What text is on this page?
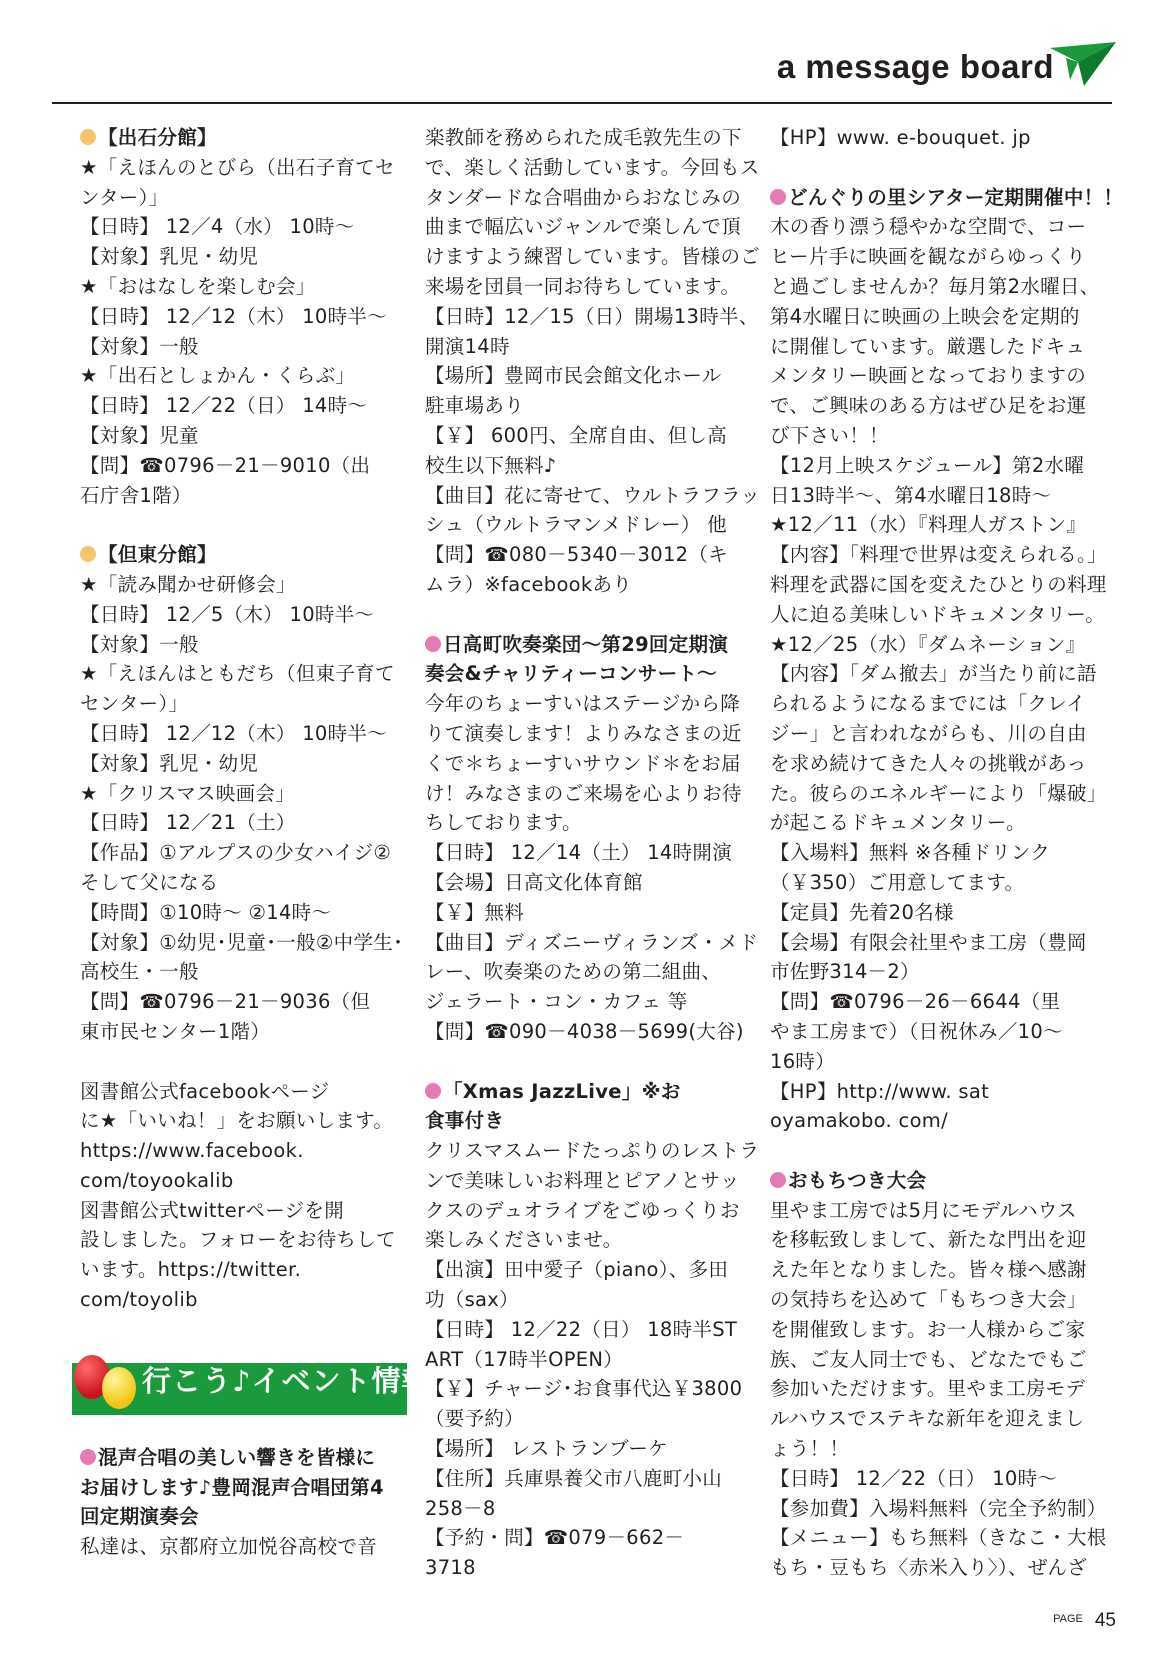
a message board

【出石分館】

★「えほんのとびら（出石子育てセ

ンター）」

【日時】 12／4（水） 10時～

【対象】乳児・幼児

★「おはなしを楽しむ会」

【日時】 12／12（木） 10時半～

【対象】一般

★「出石としょかん・くらぶ」

【日時】 12／22（日） 14時～

【対象】児童

【問】☎0796－21－9010（出

石庁舎1階）

【但東分館】

★「読み聞かせ研修会」

【日時】 12／5（木） 10時半～

【対象】一般

★「えほんはともだち（但東子育て

センター）」

【日時】 12／12（木） 10時半～

【対象】乳児・幼児

★「クリスマス映画会」

【日時】 12／21（土）

【作品】①アルプスの少女ハイジ②

そして父になる

【時間】①10時～ ②14時～

【対象】①幼児･児童･一般②中学生･

高校生・一般

【問】☎0796－21－9036（但

東市民センター1階）

図書館公式facebookページ

に★「いいね！」をお願いします。

https://www.facebook.

com/toyookalib

図書館公式twitterページを開

設しました。フォローをお待ちして

います。https://twitter.

com/toyolib

行こう♪イベント情報

混声合唱の美しい響きを皆様に

お届けします♪豊岡混声合唱団第4

回定期演奏会

私達は、京都府立加悦谷高校で音

楽教師を務められた成毛敦先生の下

で、楽しく活動しています。今回もス

タンダードな合唱曲からおなじみの

曲まで幅広いジャンルで楽しんで頂

けますよう練習しています。皆様のご

来場を団員一同お待ちしています。

【日時】12／15（日）開場13時半、

開演14時

【場所】豊岡市民会館文化ホール

駐車場あり

【￥】 600円、全席自由、但し高

校生以下無料♪

【曲目】花に寄せて、ウルトラフラッ

シュ（ウルトラマンメドレー） 他

【問】☎080－5340－3012（キ

ムラ）※facebookあり

日高町吹奏楽団～第29回定期演

奏会&チャリティーコンサート～

今年のちょーすいはステージから降

りて演奏します！よりみなさまの近

くで＊ちょーすいサウンド＊をお届

け！みなさまのご来場を心よりお待

ちしております。

【日時】 12／14（土） 14時開演

【会場】日高文化体育館

【￥】無料

【曲目】ディズニーヴィランズ・メド

レー、吹奏楽のための第二組曲、

ジェラート・コン・カフェ 等

【問】☎090－4038－5699(大谷)

「Xmas JazzLive」※お

食事付き

クリスマスムードたっぷりのレストラ

ンで美味しいお料理とピアノとサッ

クスのデュオライブをごゆっくりお

楽しみくださいませ。

【出演】田中愛子（piano）、多田

功（sax）

【日時】 12／22（日） 18時半ST

ART（17時半OPEN）

【￥】チャージ･お食事代込￥3800

（要予約）

【場所】 レストランブーケ

【住所】兵庫県養父市八鹿町小山

258－8

【予約・問】☎079－662－

3718

【HP】www. e-bouquet. jp

どんぐりの里シアター定期開催中！！

木の香り漂う穏やかな空間で、コー

ヒー片手に映画を観ながらゆっくり

と過ごしませんか？毎月第2水曜日、

第4水曜日に映画の上映会を定期的

に開催しています。厳選したドキュ

メンタリー映画となっておりますの

で、ご興味のある方はぜひ足をお運

び下さい！！

【12月上映スケジュール】第2水曜

日13時半～、第4水曜日18時～

★12／11（水）『料理人ガストン』

【内容】「料理で世界は変えられる。」

料理を武器に国を変えたひとりの料理

人に迫る美味しいドキュメンタリー。

★12／25（水）『ダムネーション』

【内容】「ダム撤去」が当たり前に語

られるようになるまでには「クレイ

ジー」と言われながらも、川の自由

を求め続けてきた人々の挑戦があっ

た。彼らのエネルギーにより「爆破」

が起こるドキュメンタリー。

【入場料】無料 ※各種ドリンク

（￥350）ご用意してます。

【定員】先着20名様

【会場】有限会社里やま工房（豊岡

市佐野314－2）

【問】☎0796－26－6644（里

やま工房まで）（日祝休み／10～

16時）

【HP】http://www. sat

oyamakobo. com/

おもちつき大会

里やま工房では5月にモデルハウス

を移転致しまして、新たな門出を迎

えた年となりました。皆々様へ感謝

の気持ちを込めて「もちつき大会」

を開催致します。お一人様からご家

族、ご友人同士でも、どなたでもご

参加いただけます。里やま工房モデ

ルハウスでステキな新年を迎えまし

ょう！！

【日時】 12／22（日） 10時～

【参加費】入場料無料（完全予約制）

【メニュー】もち無料（きなこ・大根

もち・豆もち〈赤米入り〉）、ぜんざ

$^{PAGE}$ 45
